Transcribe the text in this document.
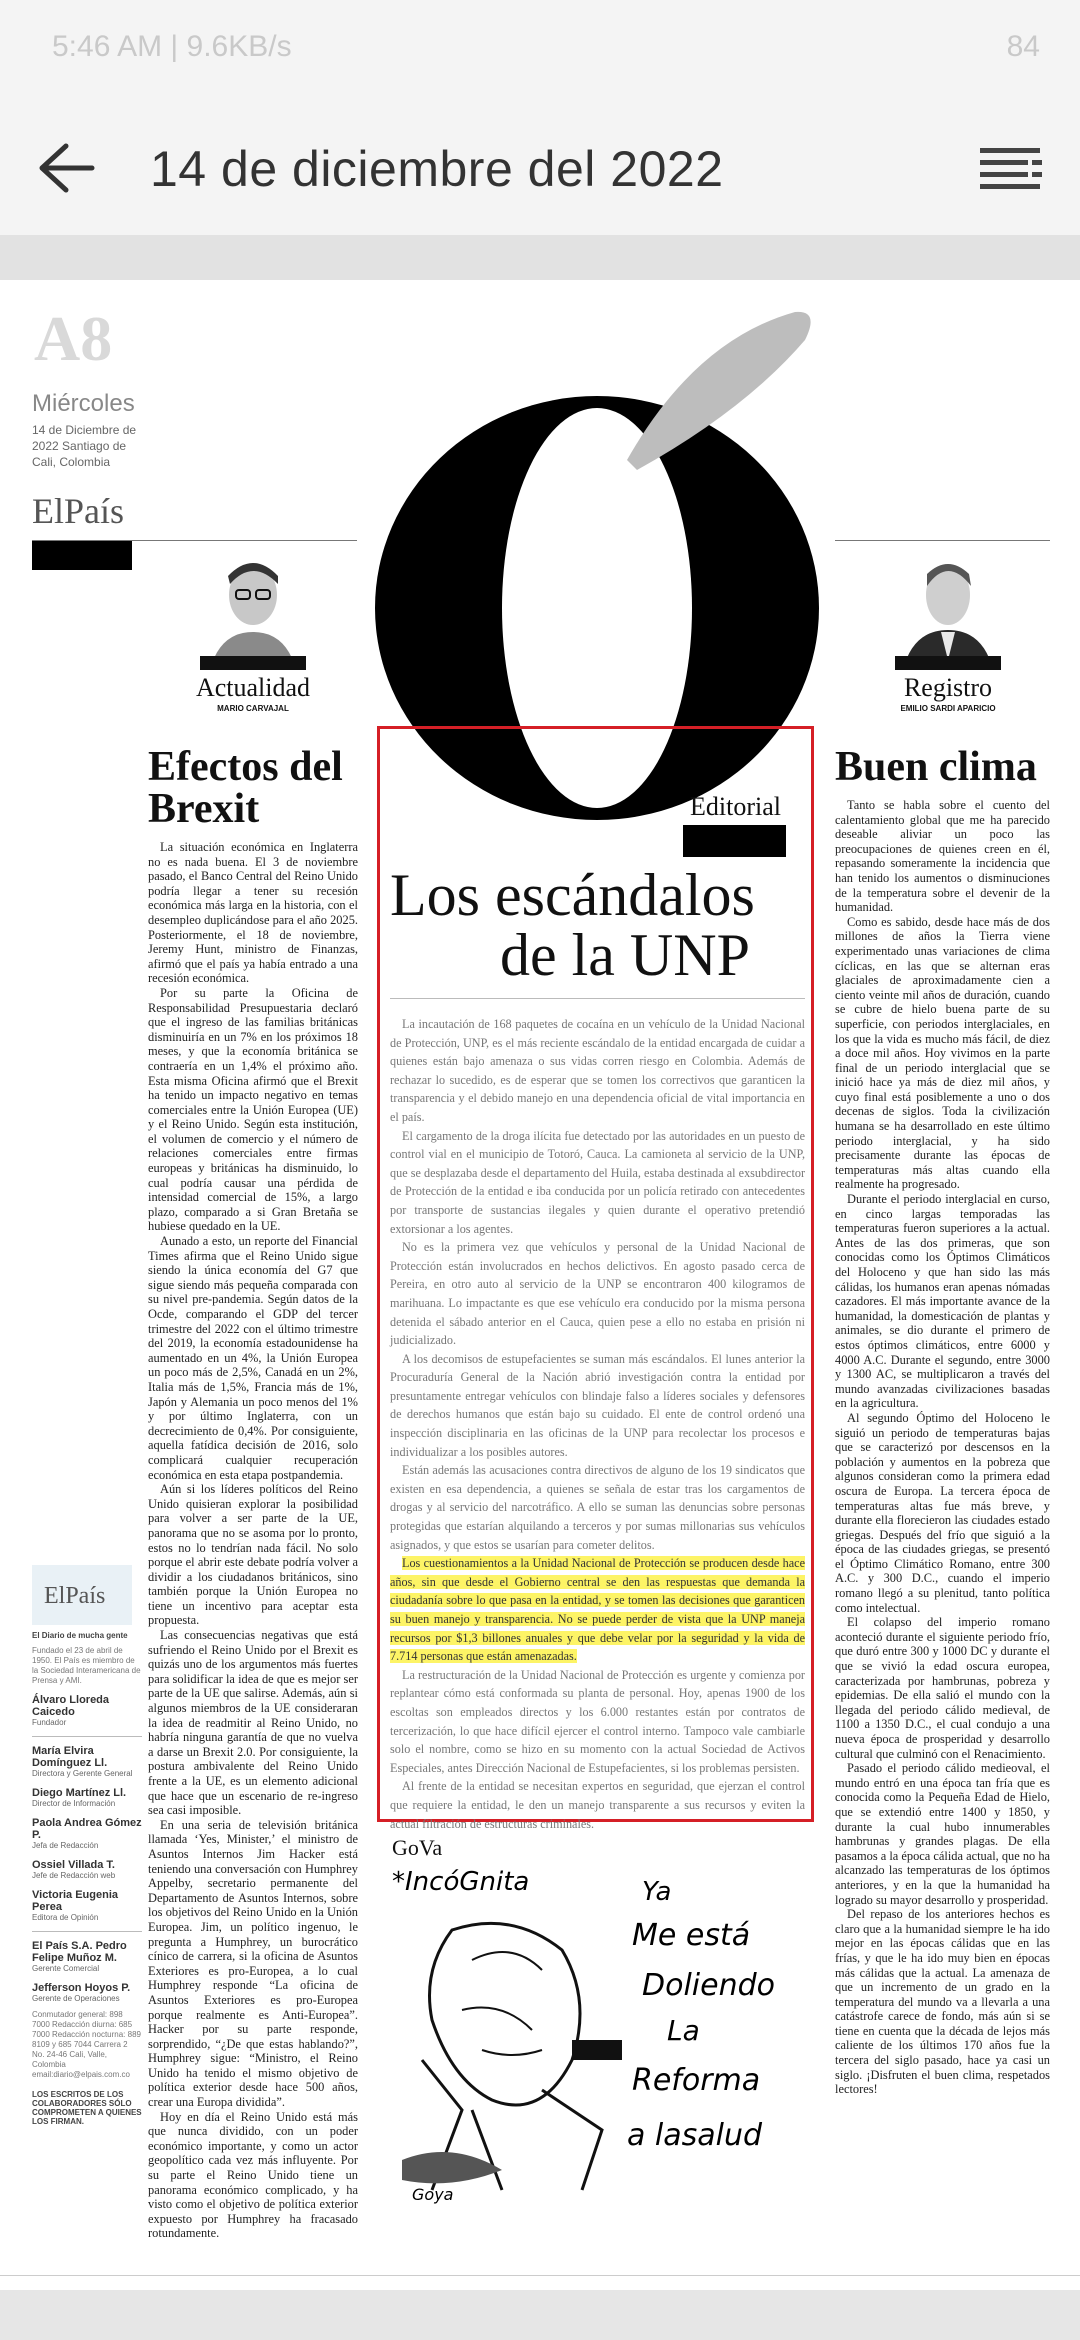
5:46 AM | 9.6KB/s	84
14 de diciembre del 2022
A8
Miércoles
14 de Diciembre de 2022 Santiago de Cali, Colombia
ElPaís
Actualidad
MARIO CARVAJAL
Registro
EMILIO SARDI APARICIO
Efectos del Brexit

La situación económica en Inglaterra no es nada buena. El 3 de noviembre pasado, el Banco Central del Reino Unido podría llegar a tener su recesión económica más larga en la historia, con el desempleo duplicándose para el año 2025. Posteriormente, el 18 de noviembre, Jeremy Hunt, ministro de Finanzas, afirmó que el país ya había entrado a una recesión económica.

Por su parte la Oficina de Responsabilidad Presupuestaria declaró que el ingreso de las familias británicas disminuiría en un 7% en los próximos 18 meses, y que la economía británica se contraería en un 1,4% el próximo año. Esta misma Oficina afirmó que el Brexit ha tenido un impacto negativo en temas comerciales entre la Unión Europea (UE) y el Reino Unido. Según esta institución, el volumen de comercio y el número de relaciones comerciales entre firmas europeas y británicas ha disminuido, lo cual podría causar una pérdida de intensidad comercial de 15%, a largo plazo, comparado a si Gran Bretaña se hubiese quedado en la UE.

Aunado a esto, un reporte del Financial Times afirma que el Reino Unido sigue siendo la única economía del G7 que sigue siendo más pequeña comparada con su nivel pre-pandemia. Según datos de la Ocde, comparando el GDP del tercer trimestre del 2022 con el último trimestre del 2019, la economía estadounidense ha aumentado en un 4%, la Unión Europea un poco más de 2,5%, Canadá en un 2%, Italia más de 1,5%, Francia más de 1%, Japón y Alemania un poco menos del 1% y por último Inglaterra, con un decrecimiento de 0,4%. Por consiguiente, aquella fatídica decisión de 2016, solo complicará cualquier recuperación económica en esta etapa postpandemia.

Aún si los líderes políticos del Reino Unido quisieran explorar la posibilidad para volver a ser parte de la UE, panorama que no se asoma por lo pronto, estos no lo tendrían nada fácil. No solo porque el abrir este debate podría volver a dividir a los ciudadanos británicos, sino también porque la Unión Europea no tiene un incentivo para aceptar esta propuesta.

Las consecuencias negativas que está sufriendo el Reino Unido por el Brexit es quizás uno de los argumentos más fuertes para solidificar la idea de que es mejor ser parte de la UE que salirse. Además, aún si algunos miembros de la UE consideraran la idea de readmitir al Reino Unido, no habría ninguna garantía de que no vuelva a darse un Brexit 2.0. Por consiguiente, la postura ambivalente del Reino Unido frente a la UE, es un elemento adicional que hace que un escenario de re-ingreso sea casi imposible.

En una seria de televisión británica llamada ‘Yes, Minister,’ el ministro de Asuntos Internos Jim Hacker está teniendo una conversación con Humphrey Appelby, secretario permanente del Departamento de Asuntos Internos, sobre los objetivos del Reino Unido en la Unión Europea. Jim, un político ingenuo, le pregunta a Humphrey, un burocrático cínico de carrera, si la oficina de Asuntos Exteriores es pro-Europea, a lo cual Humphrey responde “La oficina de Asuntos Exteriores es pro-Europea porque realmente es Anti-Europea”. Hacker por su parte responde, sorprendido, “¿De que estas hablando?”, Humphrey sigue: “Ministro, el Reino Unido ha tenido el mismo objetivo de política exterior desde hace 500 años, crear una Europa dividida”.

Hoy en día el Reino Unido está más que nunca dividido, con un poder económico importante, y como un actor geopolítico cada vez más influyente. Por su parte el Reino Unido tiene un panorama económico complicado, y ha visto como el objetivo de política exterior expuesto por Humphrey ha fracasado rotundamente.

Buen clima

Tanto se habla sobre el cuento del calentamiento global que me ha parecido deseable aliviar un poco las preocupaciones de quienes creen en él, repasando someramente la incidencia que han tenido los aumentos o disminuciones de la temperatura sobre el devenir de la humanidad.

Como es sabido, desde hace más de dos millones de años la Tierra viene experimentado unas variaciones de clima cíclicas, en las que se alternan eras glaciales de aproximadamente cien a ciento veinte mil años de duración, cuando se cubre de hielo buena parte de su superficie, con periodos interglaciales, en los que la vida es mucho más fácil, de diez a doce mil años. Hoy vivimos en la parte final de un periodo interglacial que se inició hace ya más de diez mil años, y cuyo final está posiblemente a uno o dos decenas de siglos. Toda la civilización humana se ha desarrollado en este último periodo interglacial, y ha sido precisamente durante las épocas de temperaturas más altas cuando ella realmente ha progresado.

Durante el periodo interglacial en curso, en cinco largas temporadas las temperaturas fueron superiores a la actual. Antes de las dos primeras, que son conocidas como los Óptimos Climáticos del Holoceno y que han sido las más cálidas, los humanos eran apenas nómadas cazadores. El más importante avance de la humanidad, la domesticación de plantas y animales, se dio durante el primero de estos óptimos climáticos, entre 6000 y 4000 A.C. Durante el segundo, entre 3000 y 1300 AC, se multiplicaron a través del mundo avanzadas civilizaciones basadas en la agricultura.

Al segundo Óptimo del Holoceno le siguió un periodo de temperaturas bajas que se caracterizó por descensos en la población y aumentos en la pobreza que algunos consideran como la primera edad oscura de Europa. La tercera época de temperaturas altas fue más breve, y durante ella florecieron las ciudades estado griegas. Después del frío que siguió a la época de las ciudades griegas, se presentó el Óptimo Climático Romano, entre 300 A.C. y 300 D.C., cuando el imperio romano llegó a su plenitud, tanto política como intelectual.

El colapso del imperio romano aconteció durante el siguiente periodo frío, que duró entre 300 y 1000 DC y durante el que se vivió la edad oscura europea, caracterizada por hambrunas, pobreza y epidemias. De ella salió el mundo con la llegada del periodo cálido medieval, de 1100 a 1350 D.C., el cual condujo a una nueva época de prosperidad y desarrollo cultural que culminó con el Renacimiento.

Pasado el periodo cálido medieoval, el mundo entró en una época tan fría que es conocida como la Pequeña Edad de Hielo, que se extendió entre 1400 y 1850, y durante la cual hubo innumerables hambrunas y grandes plagas. De ella pasamos a la época cálida actual, que no ha alcanzado las temperaturas de los óptimos anteriores, y en la que la humanidad ha logrado su mayor desarrollo y prosperidad.

Del repaso de los anteriores hechos es claro que a la humanidad siempre le ha ido mejor en las épocas cálidas que en las frías, y que le ha ido muy bien en épocas más cálidas que la actual. La amenaza de que un incremento de un grado en la temperatura del mundo va a llevarla a una catástrofe carece de fondo, más aún si se tiene en cuenta que la década de lejos más caliente de los últimos 170 años fue la tercera del siglo pasado, hace ya casi un siglo. ¡Disfruten el buen clima, respetados lectores!

Editorial
Los escándalos
de la UNP

La incautación de 168 paquetes de cocaína en un vehículo de la Unidad Nacional de Protección, UNP, es el más reciente escándalo de la entidad encargada de cuidar a quienes están bajo amenaza o sus vidas corren riesgo en Colombia. Además de rechazar lo sucedido, es de esperar que se tomen los correctivos que garanticen la transparencia y el debido manejo en una dependencia oficial de vital importancia en el país.

El cargamento de la droga ilícita fue detectado por las autoridades en un puesto de control vial en el municipio de Totoró, Cauca. La camioneta al servicio de la UNP, que se desplazaba desde el departamento del Huila, estaba destinada al exsubdirector de Protección de la entidad e iba conducida por un policía retirado con antecedentes por transporte de sustancias ilegales y quien durante el operativo pretendió extorsionar a los agentes.

No es la primera vez que vehículos y personal de la Unidad Nacional de Protección están involucrados en hechos delictivos. En agosto pasado cerca de Pereira, en otro auto al servicio de la UNP se encontraron 400 kilogramos de marihuana. Lo impactante es que ese vehículo era conducido por la misma persona detenida el sábado anterior en el Cauca, quien pese a ello no estaba en prisión ni judicializado.

A los decomisos de estupefacientes se suman más escándalos. El lunes anterior la Procuraduría General de la Nación abrió investigación contra la entidad por presuntamente entregar vehículos con blindaje falso a líderes sociales y defensores de derechos humanos que están bajo su cuidado. El ente de control ordenó una inspección disciplinaria en las oficinas de la UNP para recolectar los procesos e individualizar a los posibles autores.

Están además las acusaciones contra directivos de alguno de los 19 sindicatos que existen en esa dependencia, a quienes se señala de estar tras los cargamentos de drogas y al servicio del narcotráfico. A ello se suman las denuncias sobre personas protegidas que estarían alquilando a terceros y por sumas millonarias sus vehículos asignados, y que estos se usarían para cometer delitos.

Los cuestionamientos a la Unidad Nacional de Protección se producen desde hace años, sin que desde el Gobierno central se den las respuestas que demanda la ciudadanía sobre lo que pasa en la entidad, y se tomen las decisiones que garanticen su buen manejo y transparencia. No se puede perder de vista que la UNP maneja recursos por $1,3 billones anuales y que debe velar por la seguridad y la vida de 7.714 personas que están amenazadas.

La restructuración de la Unidad Nacional de Protección es urgente y comienza por replantear cómo está conformada su planta de personal. Hoy, apenas 1900 de los escoltas son empleados directos y los 6.000 restantes están por contratos de tercerización, lo que hace difícil ejercer el control interno. Tampoco vale cambiarle solo el nombre, como se hizo en su momento con la actual Sociedad de Activos Especiales, antes Dirección Nacional de Estupefacientes, si los problemas persisten.

Al frente de la entidad se necesitan expertos en seguridad, que ejerzan el control que requiere la entidad, le den un manejo transparente a sus recursos y eviten la actual filtración de estructuras criminales.

ElPaís
El Diario de mucha gente
Fundado el 23 de abril de 1950. El País es miembro de la Sociedad Interamericana de Prensa y AMI.
Álvaro Lloreda Caicedo
Fundador
María Elvira Domínguez Ll.
Directora y Gerente General
Diego Martínez Ll.
Director de Información
Paola Andrea Gómez P.
Jefa de Redacción
Ossiel Villada T.
Jefe de Redacción web
Victoria Eugenia Perea
Editora de Opinión
El País S.A. Pedro Felipe Muñoz M.
Gerente Comercial
Jefferson Hoyos P.
Gerente de Operaciones
Conmutador general: 898 7000 Redacción diurna: 685 7000 Redacción nocturna: 889 8109 y 685 7044 Carrera 2 No. 24-46 Cali, Valle, Colombia email:diario@elpais.com.co
LOS ESCRITOS DE LOS COLABORADORES SÓLO COMPROMETEN A QUIENES LOS FIRMAN.
GoVa
*IncóGnita	Ya
Me está
Doliendo
La
Reforma
a lasalud
Goya
